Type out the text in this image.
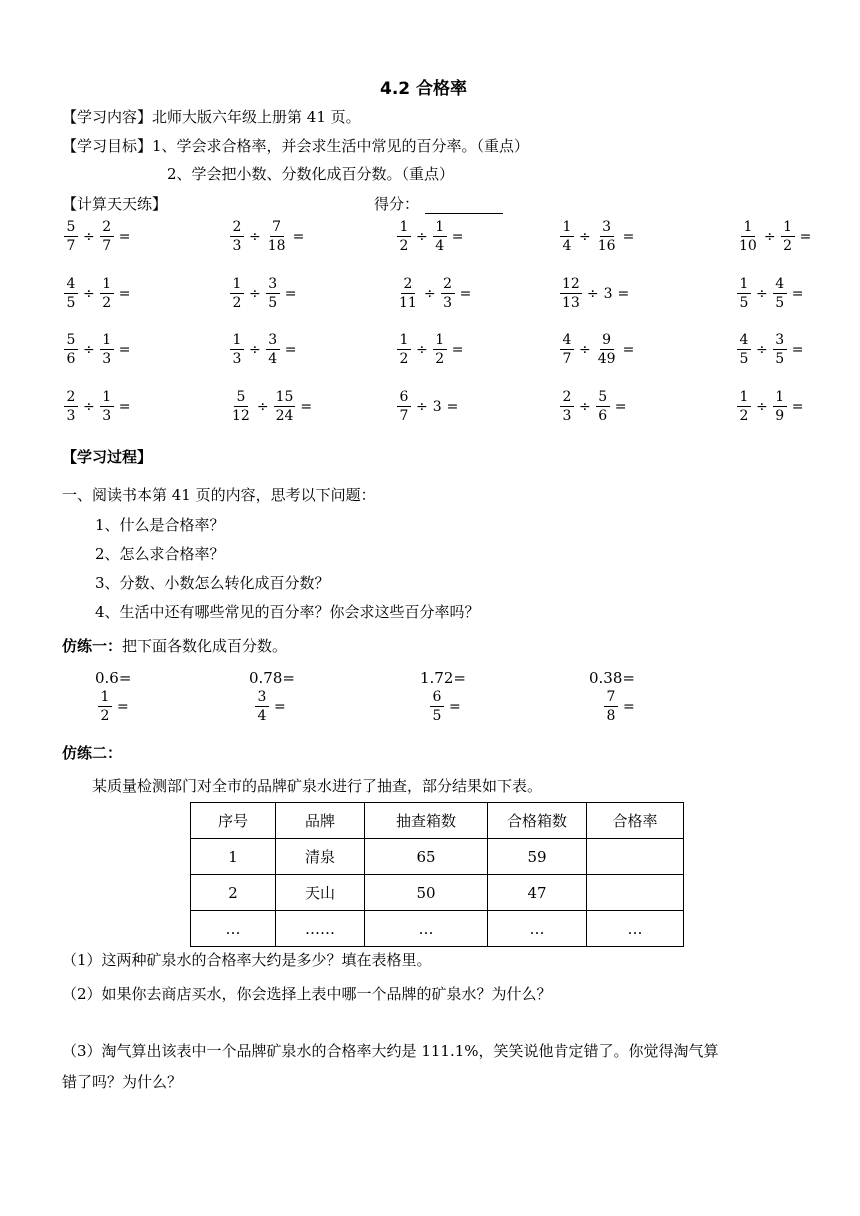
4.2 合格率
【学习内容】北师大版六年级上册第 41 页。
【学习目标】1、学会求合格率，并会求生活中常见的百分率。（重点）
2、学会把小数、分数化成百分数。（重点）
【计算天天练】	得分：
$\frac{5}{7} \div \frac{2}{7}$ =	$\frac{2}{3} \div \frac{7}{18}$ =	$\frac{1}{2} \div \frac{1}{4}$ =	$\frac{1}{4} \div \frac{3}{16}$ =	$\frac{1}{10} \div \frac{1}{2}$ =
$\frac{4}{5} \div \frac{1}{2}$ =	$\frac{1}{2} \div \frac{3}{5}$ =	$\frac{2}{11} \div \frac{2}{3}$ =	$\frac{12}{13} \div 3$ =	$\frac{1}{5} \div \frac{4}{5}$ =
$\frac{5}{6} \div \frac{1}{3}$ =	$\frac{1}{3} \div \frac{3}{4}$ =	$\frac{1}{2} \div \frac{1}{2}$ =	$\frac{4}{7} \div \frac{9}{49}$ =	$\frac{4}{5} \div \frac{3}{5}$ =
$\frac{2}{3} \div \frac{1}{3}$ =	$\frac{5}{12} \div \frac{15}{24}$ =	$\frac{6}{7} \div 3$ =	$\frac{2}{3} \div \frac{5}{6}$ =	$\frac{1}{2} \div \frac{1}{9}$ =
【学习过程】
一、阅读书本第 41 页的内容，思考以下问题：
1、什么是合格率？
2、怎么求合格率？
3、分数、小数怎么转化成百分数？
4、生活中还有哪些常见的百分率？你会求这些百分率吗？
仿练一：把下面各数化成百分数。
0.6=	0.78=	1.72=	0.38=
$\frac{1}{2}$ =	$\frac{3}{4}$ =	$\frac{6}{5}$ =	$\frac{7}{8}$ =
仿练二：
某质量检测部门对全市的品牌矿泉水进行了抽查，部分结果如下表。
序号	品牌	抽查箱数	合格箱数	合格率
1	清泉	65	59	
2	天山	50	47	
…	……	…	…	…
（1）这两种矿泉水的合格率大约是多少？填在表格里。
（2）如果你去商店买水，你会选择上表中哪一个品牌的矿泉水？为什么？
（3）淘气算出该表中一个品牌矿泉水的合格率大约是 111.1%，笑笑说他肯定错了。你觉得淘气算
错了吗？为什么？
